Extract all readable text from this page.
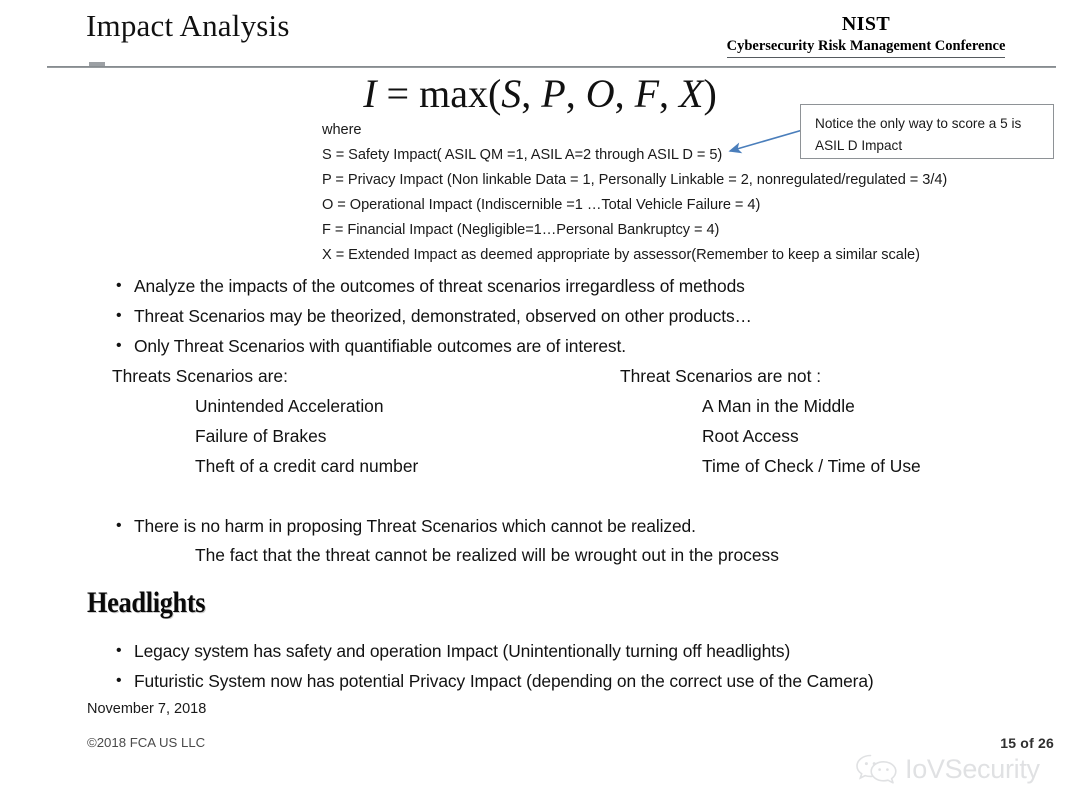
Impact Analysis	NIST
Cybersecurity Risk Management Conference
I = max(S, P, O, F, X)
where
S = Safety Impact( ASIL QM =1, ASIL A=2 through ASIL D = 5)
P = Privacy Impact (Non linkable Data = 1, Personally Linkable = 2, nonregulated/regulated = 3/4)
O = Operational Impact (Indiscernible =1 …Total Vehicle Failure = 4)
F = Financial Impact (Negligible=1…Personal Bankruptcy = 4)
X = Extended Impact as deemed appropriate by assessor(Remember to keep a similar scale)
Notice the only way to score a 5 is
ASIL D Impact
• Analyze the impacts of the outcomes of threat scenarios irregardless of methods
• Threat Scenarios may be theorized, demonstrated, observed on other products…
• Only Threat Scenarios with quantifiable outcomes are of interest.
Threats Scenarios are:
Unintended Acceleration
Failure of Brakes
Theft of a credit card number
Threat Scenarios are not :
A Man in the Middle
Root Access
Time of Check / Time of Use
• There is no harm in proposing Threat Scenarios which cannot be realized.
The fact that the threat cannot be realized will be wrought out in the process
Headlights
• Legacy system has safety and operation Impact (Unintentionally turning off headlights)
• Futuristic System now has potential Privacy Impact (depending on the correct use of the Camera)
November 7, 2018
©2018 FCA US LLC	15 of 26
IoVSecurity
